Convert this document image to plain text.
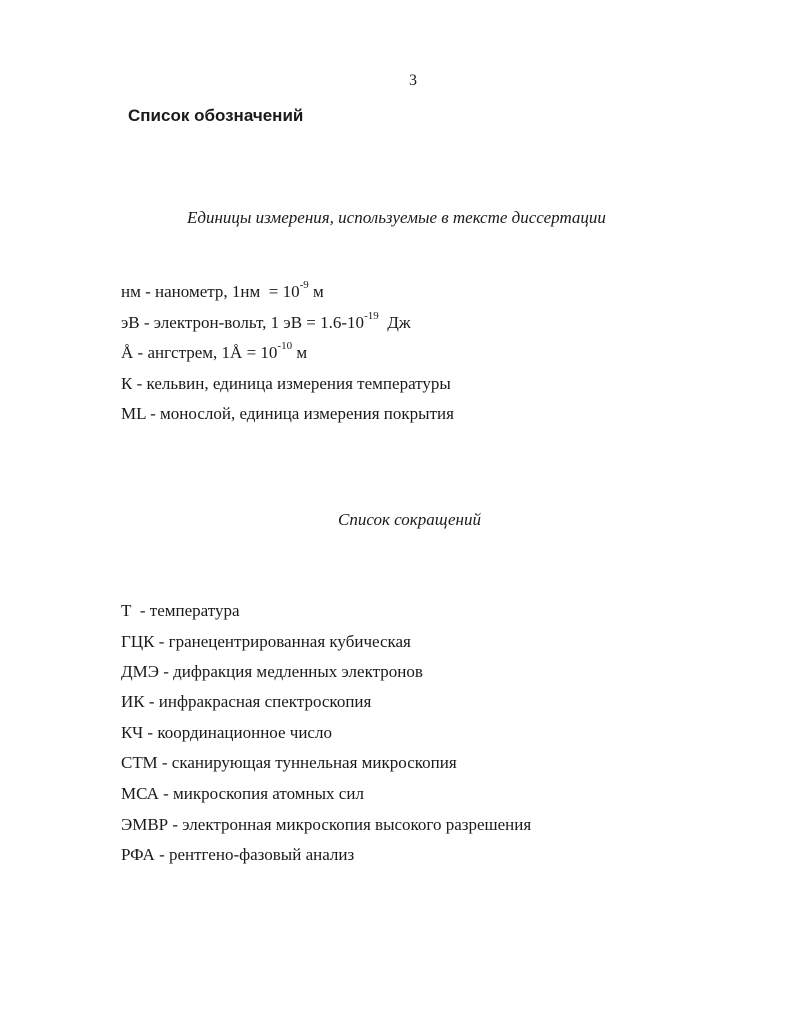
3
Список обозначений
Единицы измерения, используемые в тексте диссертации
нм - нанометр, $1нм = 10^{-9}$ м
эВ - электрон-вольт, 1 эВ = $1.6-10^{-19}$  Дж
Å - ангстрем, 1Å = $10^{-10}$ м
К - кельвин, единица измерения температуры
ML - монослой, единица измерения покрытия
Список сокращений
Т  - температура
ГЦК - гранецентрированная кубическая
ДМЭ - дифракция медленных электронов
ИК - инфракрасная спектроскопия
КЧ - координационное число
СТМ - сканирующая туннельная микроскопия
МСА - микроскопия атомных сил
ЭМВР - электронная микроскопия высокого разрешения
РФА - рентгено-фазовый анализ
